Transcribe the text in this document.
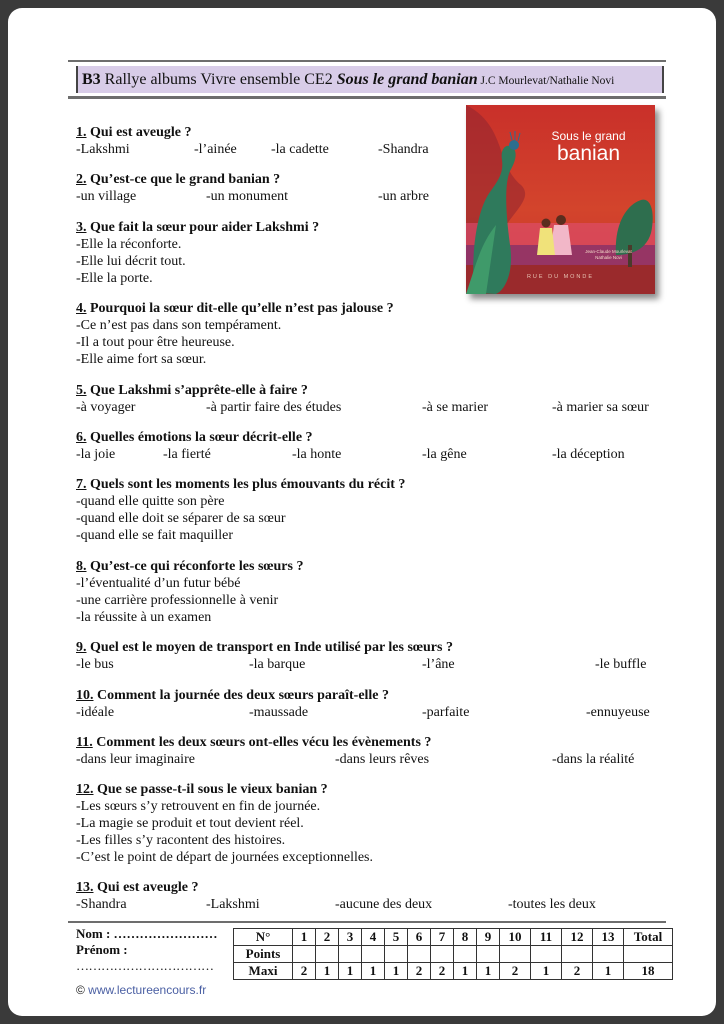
B3 Rallye albums Vivre ensemble CE2 Sous le grand banian J.C Mourlevat/Nathalie Novi
Sous le grand
banian
Jean-Claude Mourlevat
Nathalie Novi
RUE DU MONDE
1. Qui est aveugle ?
-Lakshmi	-l’ainée -la cadette	-Shandra
2. Qu’est-ce que le grand banian ?
-un village	-un monument	-un arbre
3. Que fait la sœur pour aider Lakshmi ?
-Elle la réconforte.
-Elle lui décrit tout.
-Elle la porte.
4. Pourquoi la sœur dit-elle qu’elle n’est pas jalouse ?
-Ce n’est pas dans son tempérament.
-Il a tout pour être heureuse.
-Elle aime fort sa sœur.
5. Que Lakshmi s’apprête-elle à faire ?
-à voyager	-à partir faire des études	-à se marier	-à marier sa sœur
6. Quelles émotions la sœur décrit-elle ?
-la joie	-la fierté	-la honte	-la gêne	-la déception
7. Quels sont les moments les plus émouvants du récit ?
-quand elle quitte son père
-quand elle doit se séparer de sa sœur
-quand elle se fait maquiller
8. Qu’est-ce qui réconforte les sœurs ?
-l’éventualité d’un futur bébé
-une carrière professionnelle à venir
-la réussite à un examen
9. Quel est le moyen de transport en Inde utilisé par les sœurs ?
-le bus	-la barque	-l’âne	-le buffle
10. Comment la journée des deux sœurs paraît-elle ?
-idéale	-maussade	-parfaite	-ennuyeuse
11. Comment les deux sœurs ont-elles vécu les évènements ?
-dans leur imaginaire	-dans leurs rêves	-dans la réalité
12. Que se passe-t-il sous le vieux banian ?
-Les sœurs s’y retrouvent en fin de journée.
-La magie se produit et tout devient réel.
-Les filles s’y racontent des histoires.
-C’est le point de départ de journées exceptionnelles.
13. Qui est aveugle ?
-Shandra	-Lakshmi	-aucune des deux	-toutes les deux
Nom : ……………………
Prénom :
……………………………
N°	1	2	3	4	5	6	7	8	9	10	11	12	13	Total
Points														
Maxi	2	1	1	1	1	2	2	1	1	2	1	2	1	18
© www.lectureencours.fr
